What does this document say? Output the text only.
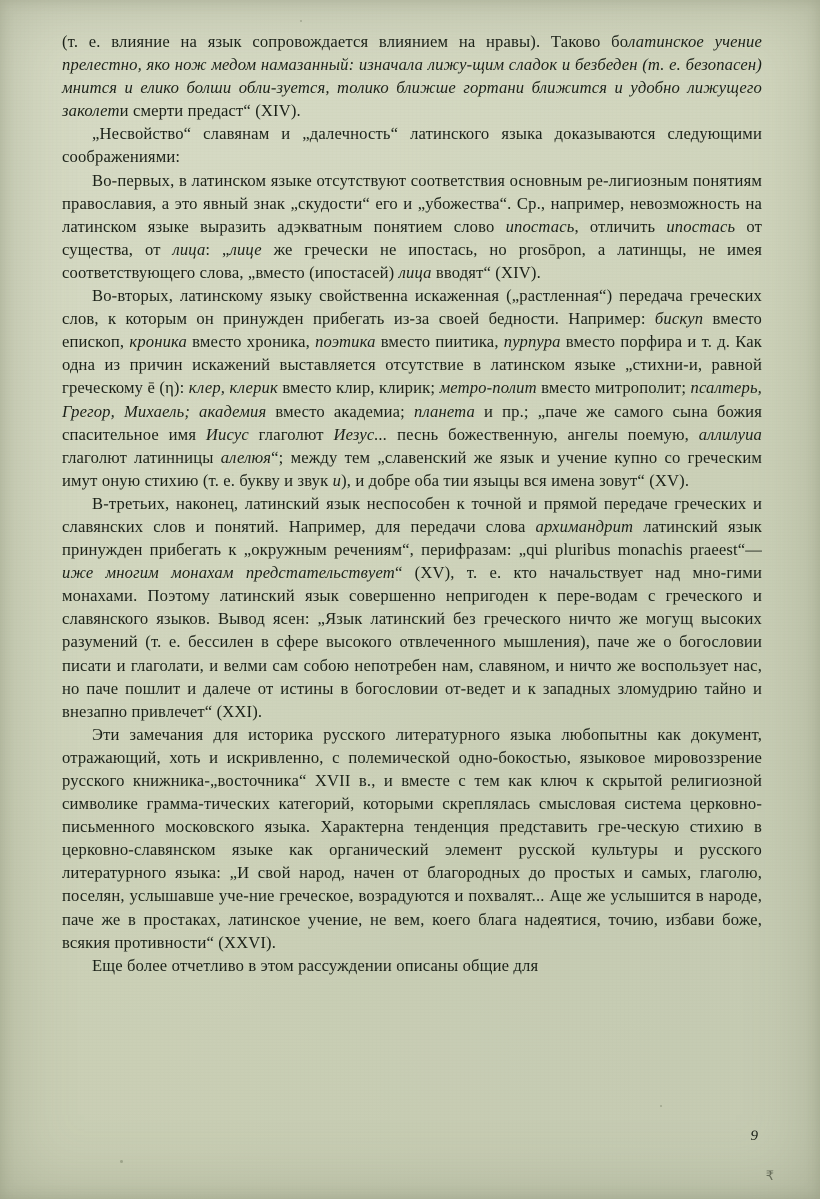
(т. е. влияние на язык сопровождается влиянием на нравы). Таково болатинское учение прелестно, яко нож медом намазанный: изначала лижу-щим сладок и безбеден (т. е. безопасен) мнится и елико болши обли-зуется, толико ближше гортани ближится и удобно лижущего заколети смерти предаст“ (XIV).

„Несвойство“ славянам и „далечность“ латинского языка доказываются следующими соображениями:

Во-первых, в латинском языке отсутствуют соответствия основным ре-лигиозным понятиям православия, а это явный знак „скудости“ его и „убожества“. Ср., например, невозможность на латинском языке выразить адэкватным понятием слово ипостась, отличить ипостась от существа, от лица: „лице же гречески не ипостась, но prosōpon, а латинщы, не имея соответствующего слова, „вместо (ипостасей) лица вводят“ (XIV).

Во-вторых, латинскому языку свойственна искаженная („растленная“) передача греческих слов, к которым он принужден прибегать из-за своей бедности. Например: бискуп вместо епископ, кроника вместо хроника, поэтика вместо пиитика, пурпура вместо порфира и т. д. Как одна из причин искажений выставляется отсутствие в латинском языке „стихни-и, равной греческому ē (η): клер, клерик вместо клир, клирик; метро-полит вместо митрополит; псалтерь, Грегор, Михаель; академия вместо академиа; планета и пр.; „паче же самого сына божия спасительное имя Иисус глаголют Иезус... песнь божественную, ангелы поемую, аллилуиа глаголют латинницы алелюя“; между тем „славенский же язык и учение купно со греческим имут оную стихию (т. е. букву и звук и), и добре оба тии языцы вся имена зовут“ (XV).

В-третьих, наконец, латинский язык неспособен к точной и прямой передаче греческих и славянских слов и понятий. Например, для передачи слова архимандрит латинский язык принужден прибегать к „окружным речениям“, перифразам: „qui pluribus monachis praeest“—иже многим монахам предстательствует“ (XV), т. е. кто начальствует над мно-гими монахами. Поэтому латинский язык совершенно непригоден к пере-водам с греческого и славянского языков. Вывод ясен: „Язык латинский без греческого ничто же могущ высоких разумений (т. е. бессилен в сфере высокого отвлеченного мышления), паче же о богословии писати и глаголати, и велми сам собою непотребен нам, славяном, и ничто же воспользует нас, но паче пошлит и далече от истины в богословии от-ведет и к западных зломудрию тайно и внезапно привлечет“ (XXI).

Эти замечания для историка русского литературного языка любопытны как документ, отражающий, хоть и искривленно, с полемической одно-бокостью, языковое мировоззрение русского книжника-„восточника“ XVII в., и вместе с тем как ключ к скрытой религиозной символике грамма-тических категорий, которыми скреплялась смысловая система церковно-письменного московского языка. Характерна тенденция представить гре-ческую стихию в церковно-славянском языке как органический элемент русской культуры и русского литературного языка: „И свой народ, начен от благородных до простых и самых, глаголю, поселян, услышавше уче-ние греческое, возрадуются и похвалят... Аще же услышится в народе, паче же в простаках, латинское учение, не вем, коего блага надеятися, точию, избави боже, всякия противности“ (XXVI).

Еще более отчетливо в этом рассуждении описаны общие для

9
₹
